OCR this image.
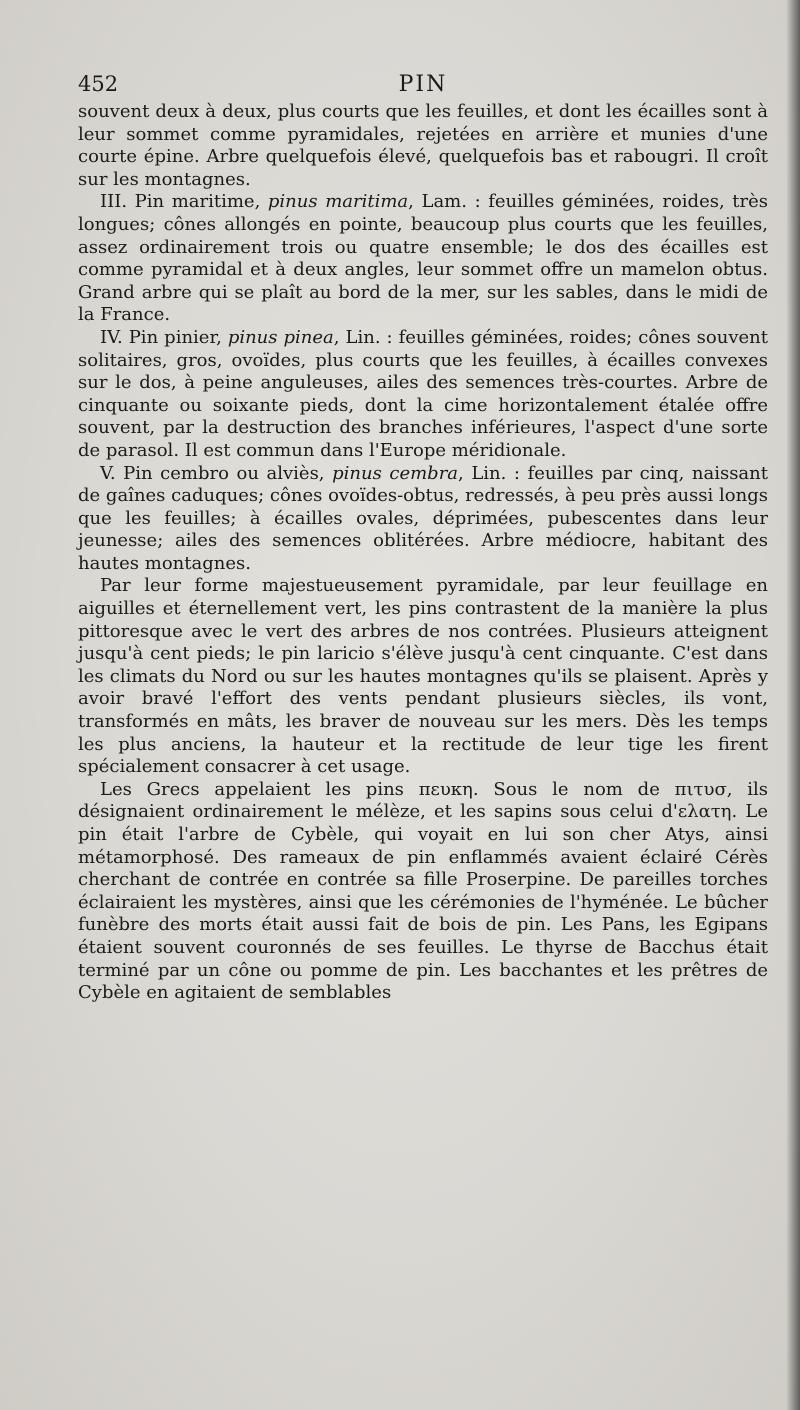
452	PIN

souvent deux à deux, plus courts que les feuilles, et dont les écailles sont à leur sommet comme pyramidales, rejetées en arrière et munies d'une courte épine. Arbre quelquefois élevé, quelquefois bas et rabougri. Il croît sur les montagnes.

III. Pin maritime, pinus maritima, Lam. : feuilles géminées, roides, très longues; cônes allongés en pointe, beaucoup plus courts que les feuilles, assez ordinairement trois ou quatre ensemble; le dos des écailles est comme pyramidal et à deux angles, leur sommet offre un mamelon obtus. Grand arbre qui se plaît au bord de la mer, sur les sables, dans le midi de la France.

IV. Pin pinier, pinus pinea, Lin. : feuilles géminées, roides; cônes souvent solitaires, gros, ovoïdes, plus courts que les feuilles, à écailles convexes sur le dos, à peine anguleuses, ailes des semences très-courtes. Arbre de cinquante ou soixante pieds, dont la cime horizontalement étalée offre souvent, par la destruction des branches inférieures, l'aspect d'une sorte de parasol. Il est commun dans l'Europe méridionale.

V. Pin cembro ou alviès, pinus cembra, Lin. : feuilles par cinq, naissant de gaînes caduques; cônes ovoïdes-obtus, redressés, à peu près aussi longs que les feuilles; à écailles ovales, déprimées, pubescentes dans leur jeunesse; ailes des semences oblitérées. Arbre médiocre, habitant des hautes montagnes.

Par leur forme majestueusement pyramidale, par leur feuillage en aiguilles et éternellement vert, les pins contrastent de la manière la plus pittoresque avec le vert des arbres de nos contrées. Plusieurs atteignent jusqu'à cent pieds; le pin laricio s'élève jusqu'à cent cinquante. C'est dans les climats du Nord ou sur les hautes montagnes qu'ils se plaisent. Après y avoir bravé l'effort des vents pendant plusieurs siècles, ils vont, transformés en mâts, les braver de nouveau sur les mers. Dès les temps les plus anciens, la hauteur et la rectitude de leur tige les firent spécialement consacrer à cet usage.

Les Grecs appelaient les pins πευκη. Sous le nom de πιτυσ, ils désignaient ordinairement le mélèze, et les sapins sous celui d'ελατη. Le pin était l'arbre de Cybèle, qui voyait en lui son cher Atys, ainsi métamorphosé. Des rameaux de pin enflammés avaient éclairé Cérès cherchant de contrée en contrée sa fille Proserpine. De pareilles torches éclairaient les mystères, ainsi que les cérémonies de l'hyménée. Le bûcher funèbre des morts était aussi fait de bois de pin. Les Pans, les Egipans étaient souvent couronnés de ses feuilles. Le thyrse de Bacchus était terminé par un cône ou pomme de pin. Les bacchantes et les prêtres de Cybèle en agitaient de semblables
